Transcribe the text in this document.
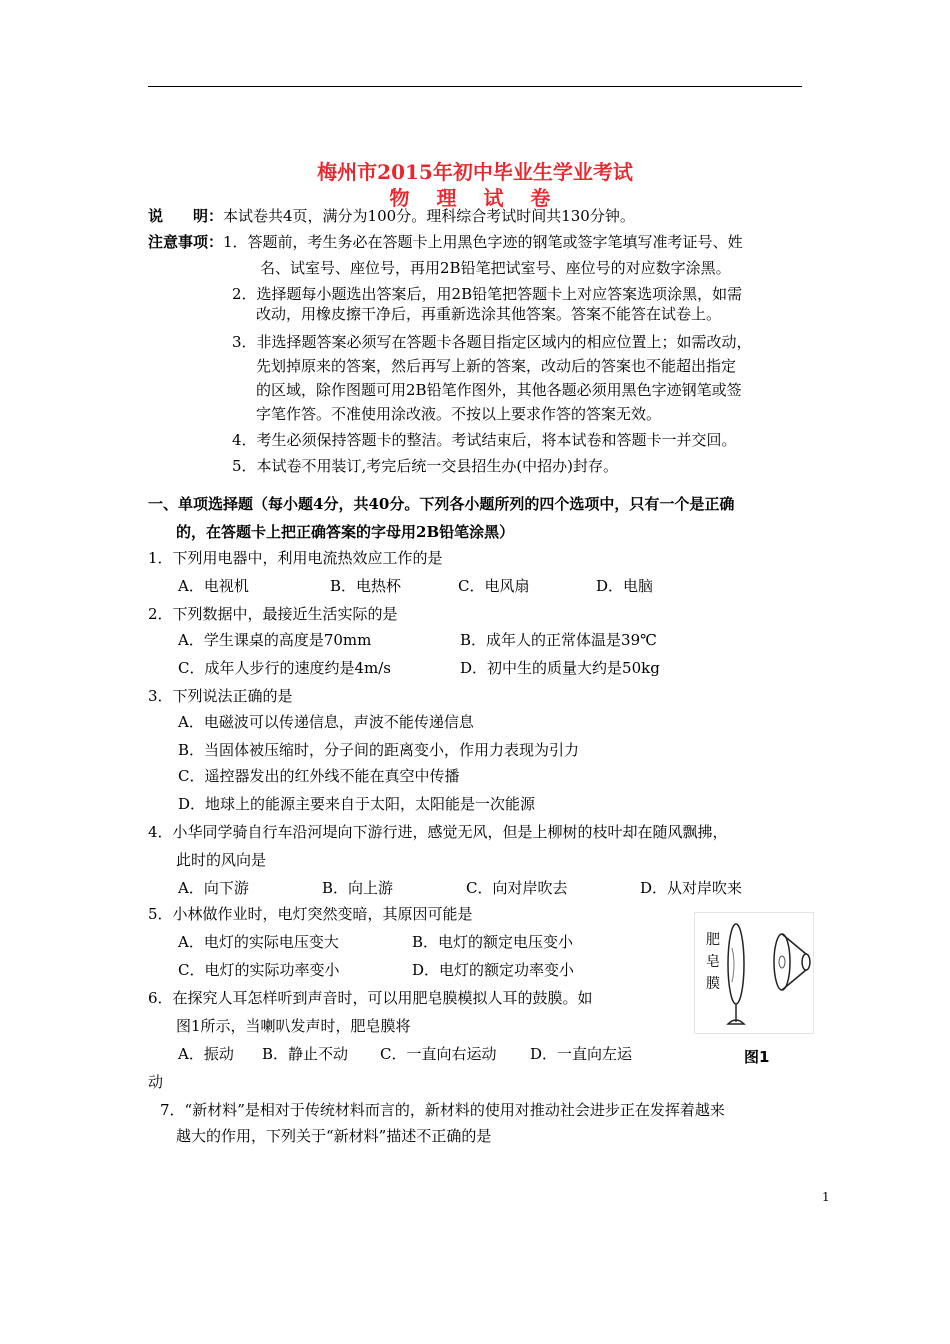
梅州市2015年初中毕业生学业考试
物 理 试 卷
说　　明：本试卷共4页，满分为100分。理科综合考试时间共130分钟。
注意事项：1．答题前，考生务必在答题卡上用黑色字迹的钢笔或签字笔填写准考证号、姓
名、试室号、座位号，再用2B铅笔把试室号、座位号的对应数字涂黑。
2．选择题每小题选出答案后，用2B铅笔把答题卡上对应答案选项涂黑，如需
改动，用橡皮擦干净后，再重新选涂其他答案。答案不能答在试卷上。
3．非选择题答案必须写在答题卡各题目指定区域内的相应位置上；如需改动，
先划掉原来的答案，然后再写上新的答案，改动后的答案也不能超出指定
的区域，除作图题可用2B铅笔作图外，其他各题必须用黑色字迹钢笔或签
字笔作答。不准使用涂改液。不按以上要求作答的答案无效。
4．考生必须保持答题卡的整洁。考试结束后，将本试卷和答题卡一并交回。
5．本试卷不用装订,考完后统一交县招生办(中招办)封存。
一、单项选择题（每小题4分，共40分。下列各小题所列的四个选项中，只有一个是正确
的，在答题卡上把正确答案的字母用2B铅笔涂黑）
1．下列用电器中，利用电流热效应工作的是
A．电视机	B．电热杯	C．电风扇	D．电脑
2．下列数据中，最接近生活实际的是
A．学生课桌的高度是70mm	B．成年人的正常体温是39℃
C．成年人步行的速度约是4m/s	D．初中生的质量大约是50kg
3．下列说法正确的是
A．电磁波可以传递信息，声波不能传递信息
B．当固体被压缩时，分子间的距离变小，作用力表现为引力
C．遥控器发出的红外线不能在真空中传播
D．地球上的能源主要来自于太阳，太阳能是一次能源
4．小华同学骑自行车沿河堤向下游行进，感觉无风，但是上柳树的枝叶却在随风飘拂，
此时的风向是
A．向下游	B．向上游	C．向对岸吹去	D．从对岸吹来
5．小林做作业时，电灯突然变暗，其原因可能是
A．电灯的实际电压变大	B．电灯的额定电压变小
C．电灯的实际功率变小	D．电灯的额定功率变小
6．在探究人耳怎样听到声音时，可以用肥皂膜模拟人耳的鼓膜。如
图1所示，当喇叭发声时，肥皂膜将
A．振动 B．静止不动 C．一直向右运动 D．一直向左运
动
肥
皂
膜
图1
7．“新材料”是相对于传统材料而言的，新材料的使用对推动社会进步正在发挥着越来
越大的作用，下列关于“新材料”描述不正确的是
1
